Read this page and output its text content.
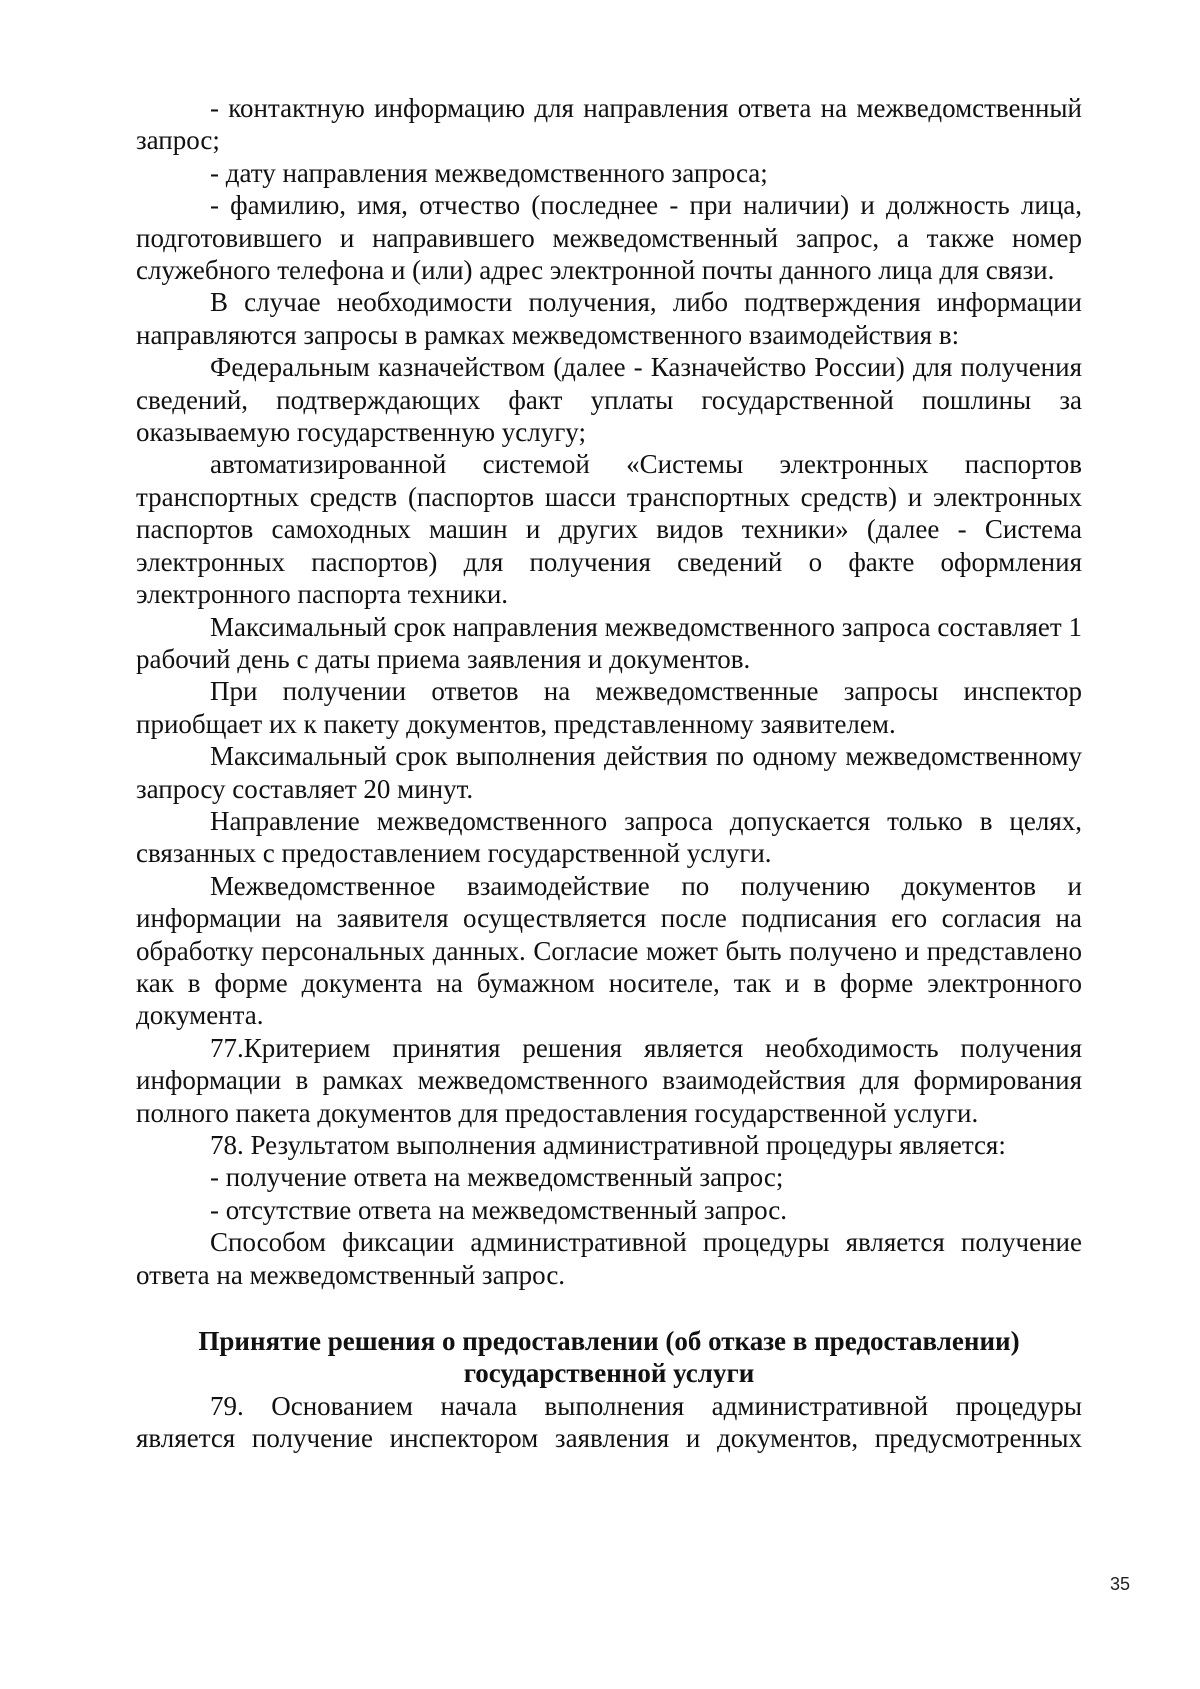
- контактную информацию для направления ответа на межведомственный запрос;

- дату направления межведомственного запроса;

- фамилию, имя, отчество (последнее - при наличии) и должность лица, подготовившего и направившего межведомственный запрос, а также номер служебного телефона и (или) адрес электронной почты данного лица для связи.

В случае необходимости получения, либо подтверждения информации направляются запросы в рамках межведомственного взаимодействия в:

Федеральным казначейством (далее - Казначейство России) для получения сведений, подтверждающих факт уплаты государственной пошлины за оказываемую государственную услугу;

автоматизированной системой «Системы электронных паспортов транспортных средств (паспортов шасси транспортных средств) и электронных паспортов самоходных машин и других видов техники» (далее - Система электронных паспортов) для получения сведений о факте оформления электронного паспорта техники.

Максимальный срок направления межведомственного запроса составляет 1 рабочий день с даты приема заявления и документов.

При получении ответов на межведомственные запросы инспектор приобщает их к пакету документов, представленному заявителем.

Максимальный срок выполнения действия по одному межведомственному запросу составляет 20 минут.

Направление межведомственного запроса допускается только в целях, связанных с предоставлением государственной услуги.

Межведомственное взаимодействие по получению документов и информации на заявителя осуществляется после подписания его согласия на обработку персональных данных. Согласие может быть получено и представлено как в форме документа на бумажном носителе, так и в форме электронного документа.

77.Критерием принятия решения является необходимость получения информации в рамках межведомственного взаимодействия для формирования полного пакета документов для предоставления государственной услуги.

78. Результатом выполнения административной процедуры является:

- получение ответа на межведомственный запрос;

- отсутствие ответа на межведомственный запрос.

Способом фиксации административной процедуры является получение ответа на межведомственный запрос.

Принятие решения о предоставлении (об отказе в предоставлении)
государственной услуги

79. Основанием начала выполнения административной процедуры является получение инспектором заявления и документов, предусмотренных

35
